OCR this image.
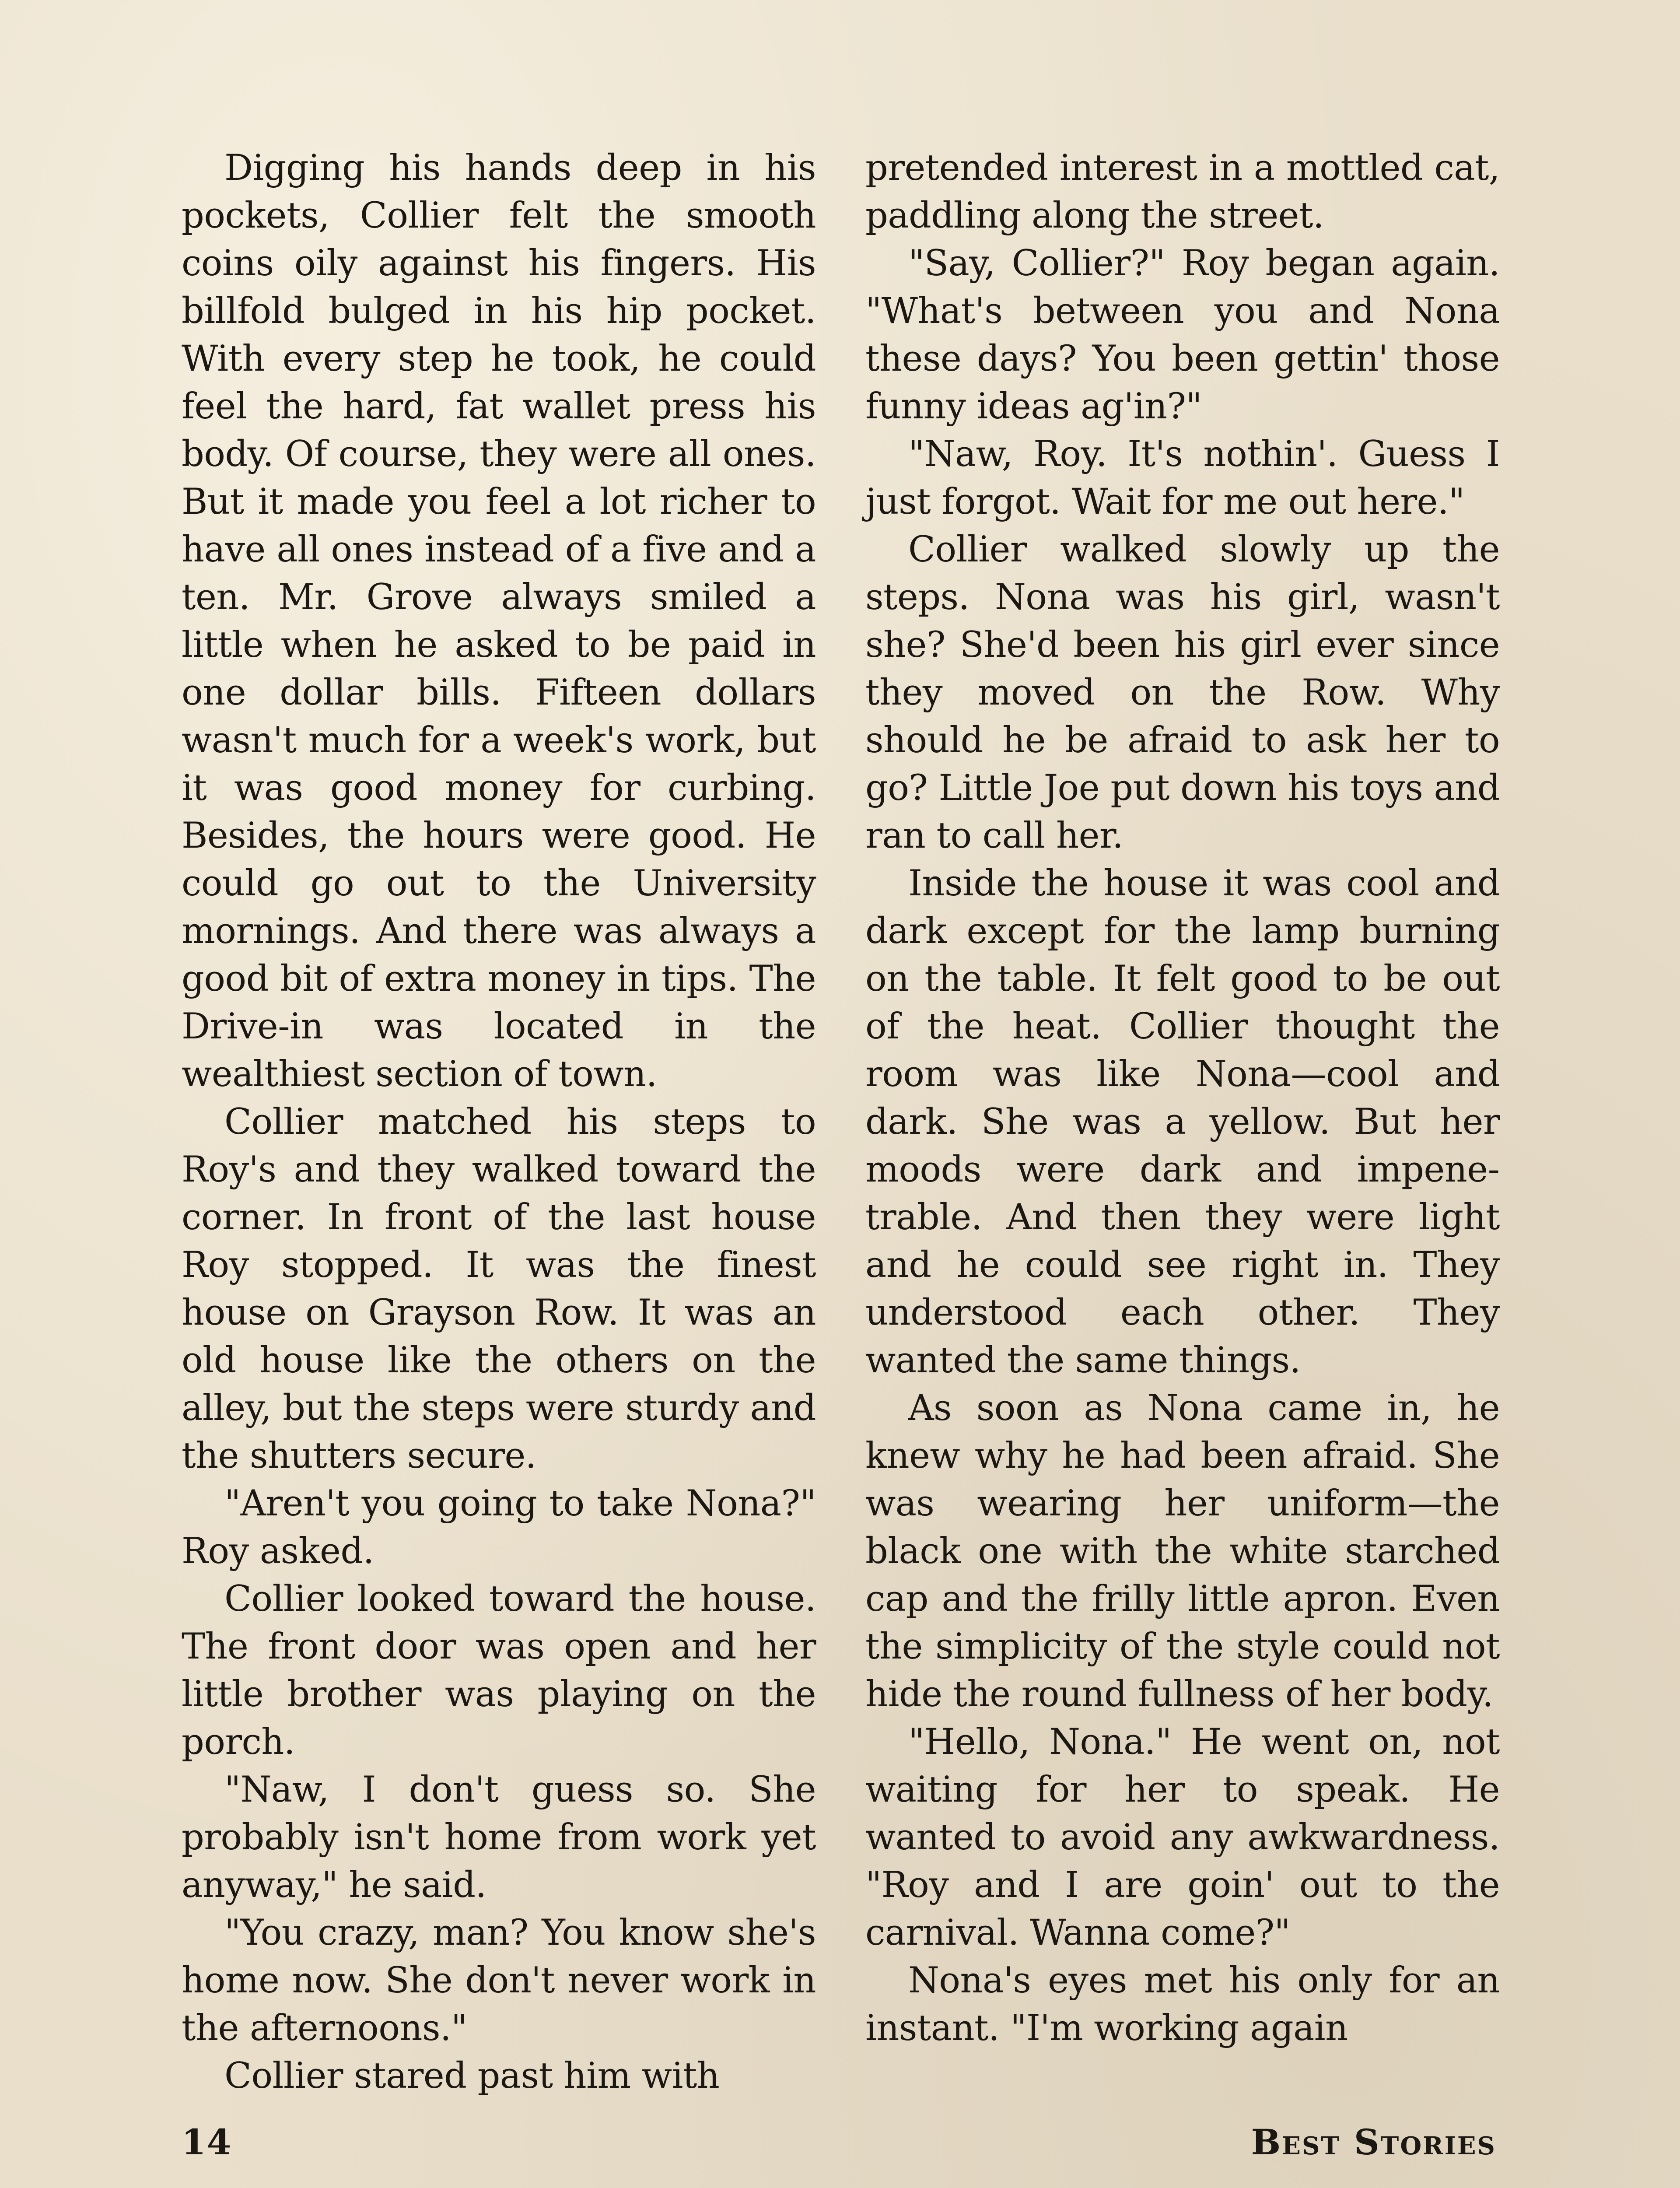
Digging his hands deep in his pockets, Collier felt the smooth coins oily against his fingers. His billfold bulged in his hip pocket. With every step he took, he could feel the hard, fat wallet press his body. Of course, they were all ones. But it made you feel a lot richer to have all ones instead of a five and a ten. Mr. Grove always smiled a little when he asked to be paid in one dollar bills. Fifteen dollars wasn't much for a week's work, but it was good money for curbing. Besides, the hours were good. He could go out to the University mornings. And there was always a good bit of extra money in tips. The Drive-in was located in the wealthiest section of town.

Collier matched his steps to Roy's and they walked toward the corner. In front of the last house Roy stopped. It was the finest house on Grayson Row. It was an old house like the others on the alley, but the steps were sturdy and the shutters secure.

"Aren't you going to take Nona?" Roy asked.

Collier looked toward the house. The front door was open and her little brother was playing on the porch.

"Naw, I don't guess so. She probably isn't home from work yet anyway," he said.

"You crazy, man? You know she's home now. She don't never work in the afternoons."

Collier stared past him with

pretended interest in a mottled cat, paddling along the street.

"Say, Collier?" Roy began again. "What's between you and Nona these days? You been gettin' those funny ideas ag'in?"

"Naw, Roy. It's nothin'. Guess I just forgot. Wait for me out here."

Collier walked slowly up the steps. Nona was his girl, wasn't she? She'd been his girl ever since they moved on the Row. Why should he be afraid to ask her to go? Little Joe put down his toys and ran to call her.

Inside the house it was cool and dark except for the lamp burning on the table. It felt good to be out of the heat. Collier thought the room was like Nona—cool and dark. She was a yellow. But her moods were dark and impenetrable. And then they were light and he could see right in. They understood each other. They wanted the same things.

As soon as Nona came in, he knew why he had been afraid. She was wearing her uniform—the black one with the white starched cap and the frilly little apron. Even the simplicity of the style could not hide the round fullness of her body.

"Hello, Nona." He went on, not waiting for her to speak. He wanted to avoid any awkwardness. "Roy and I are goin' out to the carnival. Wanna come?"

Nona's eyes met his only for an instant. "I'm working again

14	Best Stories
